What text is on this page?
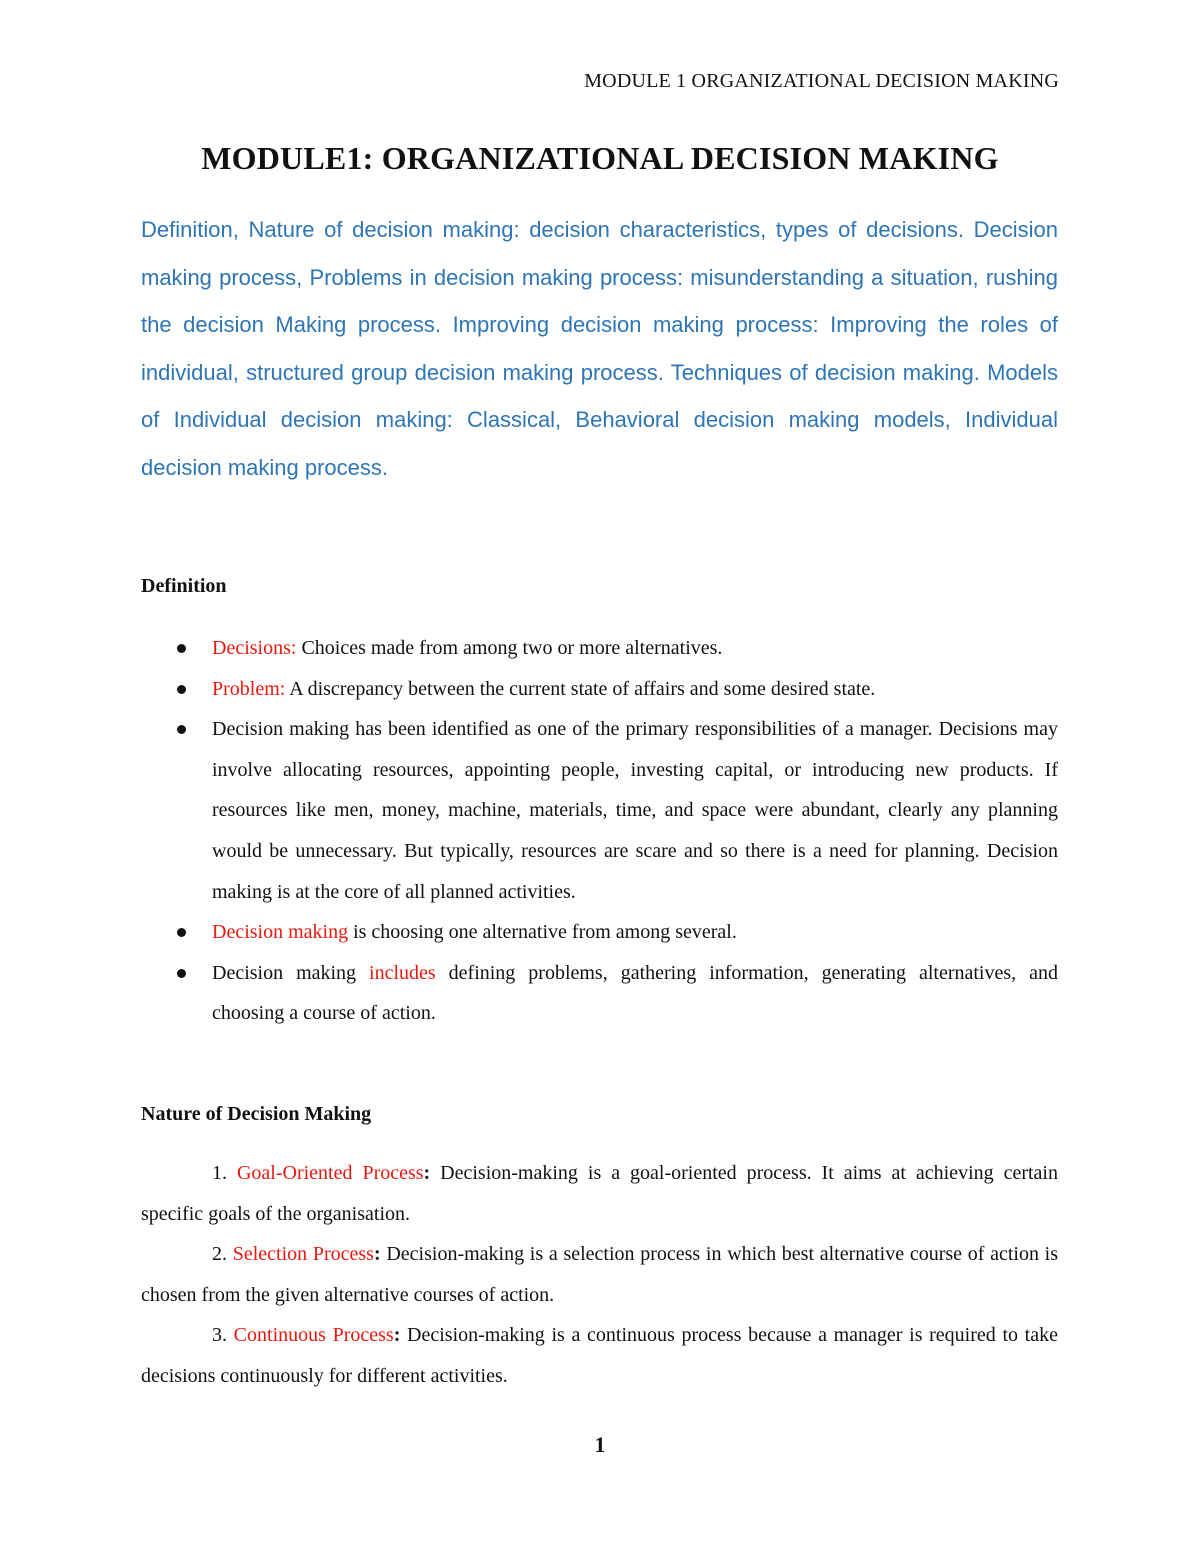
MODULE 1 ORGANIZATIONAL DECISION MAKING
MODULE1: ORGANIZATIONAL DECISION MAKING

Definition, Nature of decision making: decision characteristics, types of decisions. Decision making process, Problems in decision making process: misunderstanding a situation, rushing the decision Making process. Improving decision making process: Improving the roles of individual, structured group decision making process. Techniques of decision making. Models of Individual decision making: Classical, Behavioral decision making models, Individual decision making process.

Definition
Decisions: Choices made from among two or more alternatives.
Problem: A discrepancy between the current state of affairs and some desired state.
Decision making has been identified as one of the primary responsibilities of a manager. Decisions may involve allocating resources, appointing people, investing capital, or introducing new products. If resources like men, money, machine, materials, time, and space were abundant, clearly any planning would be unnecessary. But typically, resources are scare and so there is a need for planning. Decision making is at the core of all planned activities.
Decision making is choosing one alternative from among several.
Decision making includes defining problems, gathering information, generating alternatives, and choosing a course of action.
Nature of Decision Making
1. Goal-Oriented Process: Decision-making is a goal-oriented process. It aims at achieving certain specific goals of the organisation.
2. Selection Process: Decision-making is a selection process in which best alternative course of action is chosen from the given alternative courses of action.
3. Continuous Process: Decision-making is a continuous process because a manager is required to take decisions continuously for different activities.
1
